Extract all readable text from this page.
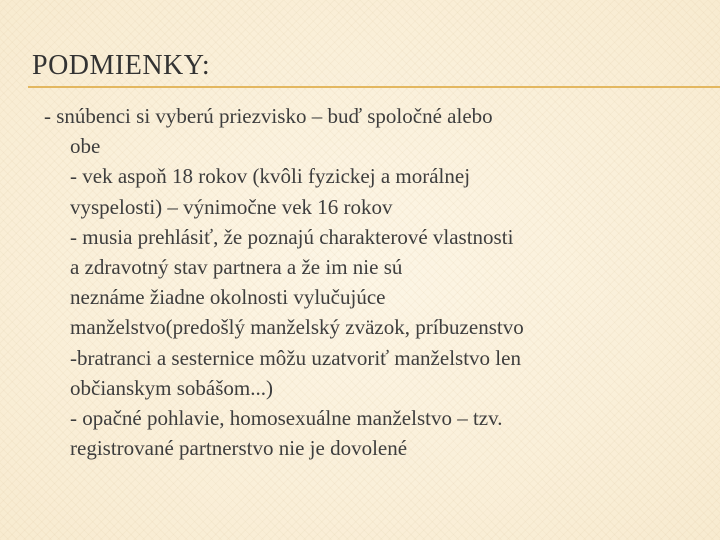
PODMIENKY:
- snúbenci si vyberú priezvisko – buď spoločné alebo
obe
- vek aspoň 18 rokov (kvôli fyzickej a morálnej
vyspelosti) – výnimočne vek 16 rokov
- musia prehlásiť, že poznajú charakterové vlastnosti
a zdravotný stav partnera a že im nie sú
neznáme žiadne okolnosti vylučujúce
manželstvo(predošlý manželský zväzok, príbuzenstvo
-bratranci a sesternice môžu uzatvoriť manželstvo len
občianskym sobášom...)
- opačné pohlavie, homosexuálne manželstvo – tzv.
registrované partnerstvo nie je dovolené
